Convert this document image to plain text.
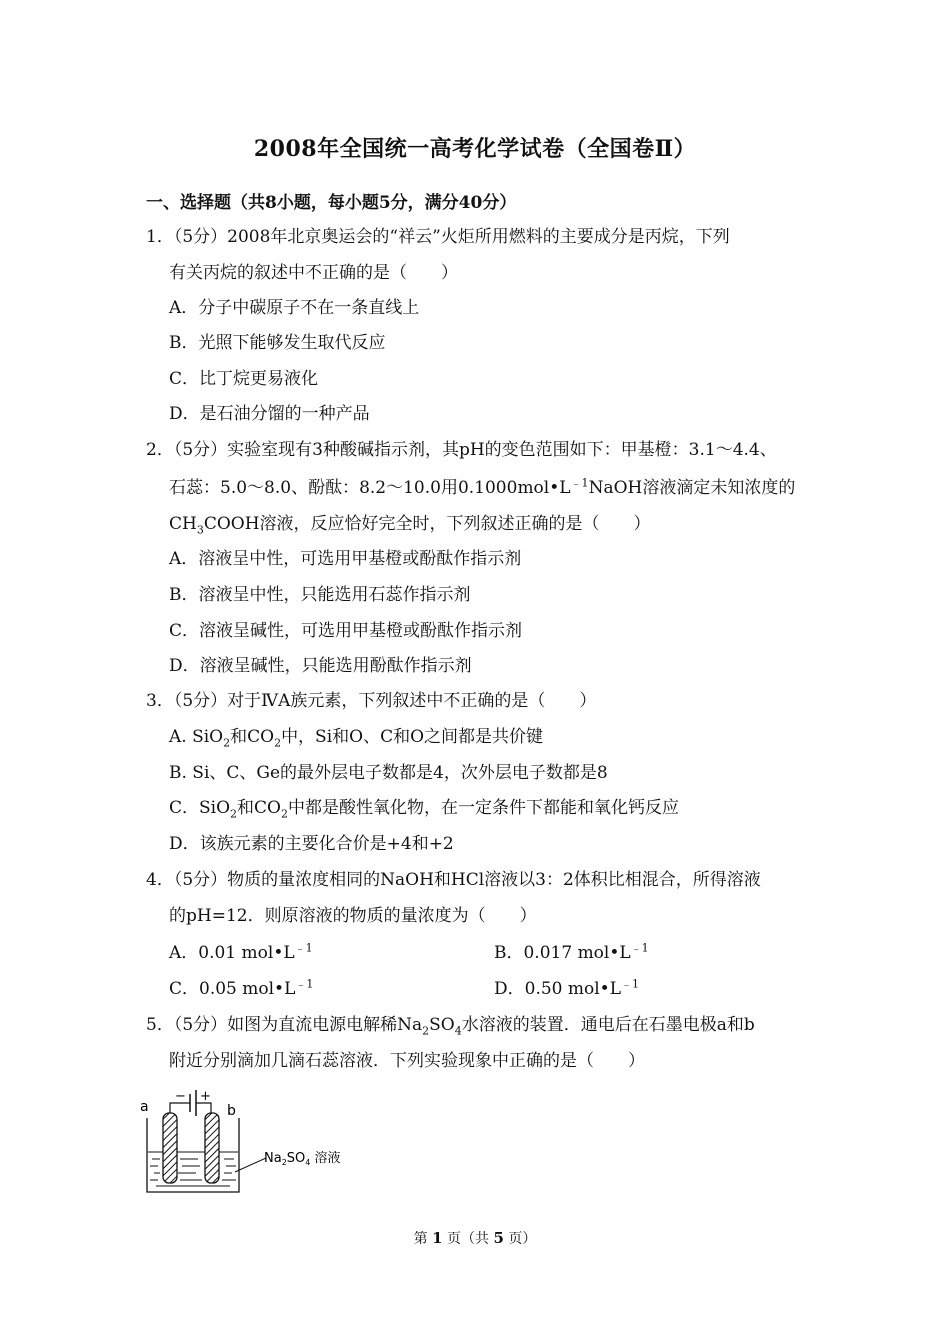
2008年全国统一高考化学试卷（全国卷Ⅱ）
一、选择题（共8小题，每小题5分，满分40分）
1．（5分）2008年北京奥运会的“祥云”火炬所用燃料的主要成分是丙烷，下列
有关丙烷的叙述中不正确的是（　　）
A．分子中碳原子不在一条直线上
B．光照下能够发生取代反应
C．比丁烷更易液化
D．是石油分馏的一种产品
2．（5分）实验室现有3种酸碱指示剂，其pH的变色范围如下：甲基橙：3.1～4.4、
石蕊：5.0～8.0、酚酞：8.2～10.0用$0.1000mol•L^{﹣1}NaOH$溶液滴定未知浓度的
$CH_3COOH$溶液，反应恰好完全时，下列叙述正确的是（　　）
A．溶液呈中性，可选用甲基橙或酚酞作指示剂
B．溶液呈中性，只能选用石蕊作指示剂
C．溶液呈碱性，可选用甲基橙或酚酞作指示剂
D．溶液呈碱性，只能选用酚酞作指示剂
3．（5分）对于ⅣA族元素，下列叙述中不正确的是（　　）
A. SiO$_2$和$CO_2$中，Si和O、C和O之间都是共价键
B. Si、C、Ge的最外层电子数都是4，次外层电子数都是8
C．SiO$_2$和$CO_2$中都是酸性氧化物，在一定条件下都能和氧化钙反应
D．该族元素的主要化合价是+4和+2
4．（5分）物质的量浓度相同的NaOH和HCl溶液以3：2体积比相混合，所得溶液
的pH=12．则原溶液的物质的量浓度为（　　）
A．0.01 $mol•L^{﹣1}$	B．0.017 $mol•L^{﹣1}$
C．0.05 $mol•L^{﹣1}$	D．0.50 $mol•L^{﹣1}$
5．（5分）如图为直流电源电解稀$Na_2SO_4$水溶液的装置．通电后在石墨电极a和b
附近分别滴加几滴石蕊溶液．下列实验现象中正确的是（　　）
− +
a	b
$Na_2SO_4$ 溶液
第 1 页（共 5 页）
